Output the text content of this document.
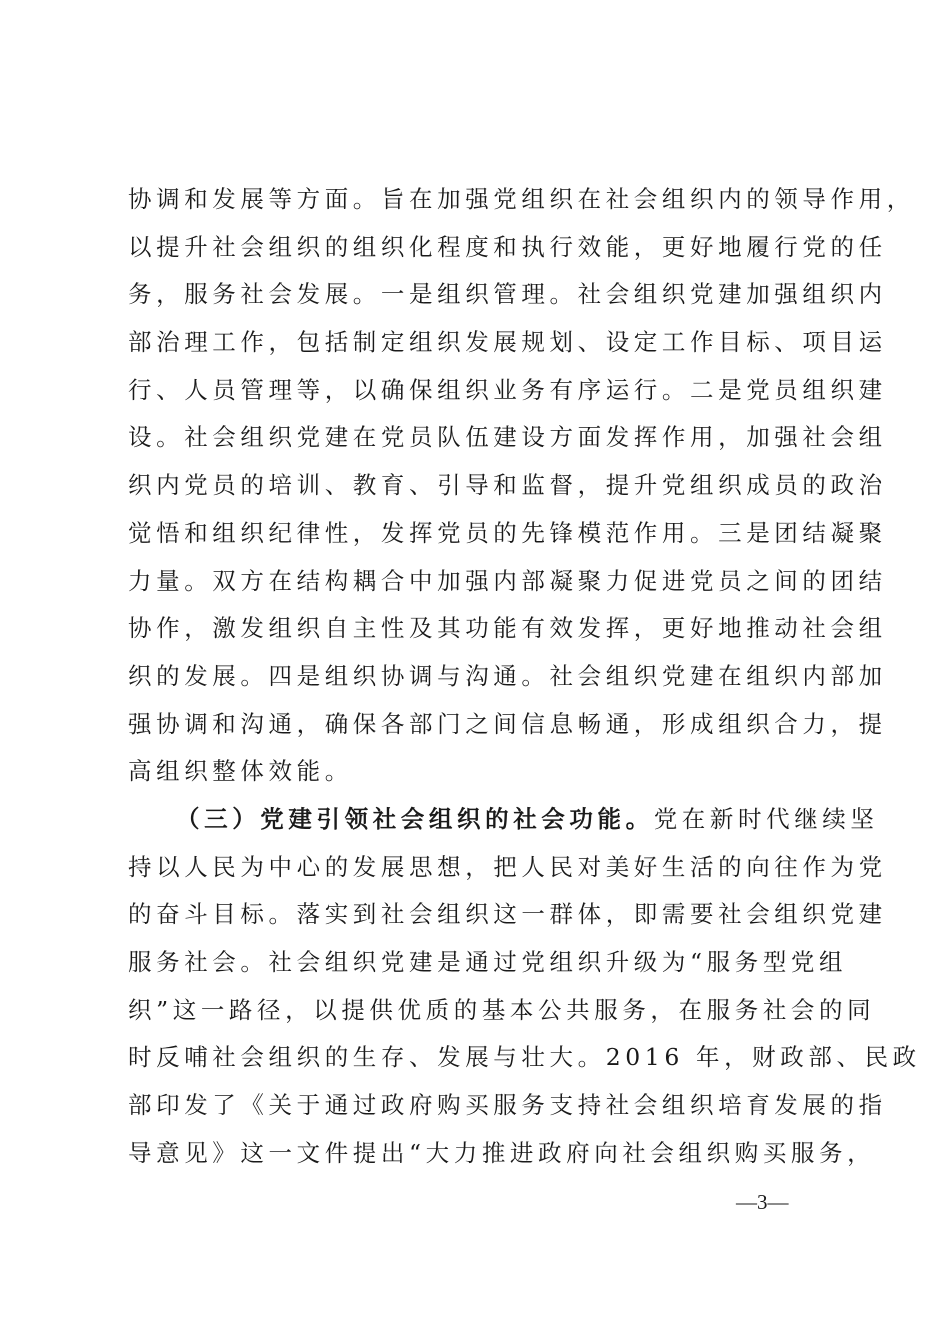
协调和发展等方面。旨在加强党组织在社会组织内的领导作用，
以提升社会组织的组织化程度和执行效能，更好地履行党的任
务，服务社会发展。一是组织管理。社会组织党建加强组织内
部治理工作，包括制定组织发展规划、设定工作目标、项目运
行、人员管理等，以确保组织业务有序运行。二是党员组织建
设。社会组织党建在党员队伍建设方面发挥作用，加强社会组
织内党员的培训、教育、引导和监督，提升党组织成员的政治
觉悟和组织纪律性，发挥党员的先锋模范作用。三是团结凝聚
力量。双方在结构耦合中加强内部凝聚力促进党员之间的团结
协作，激发组织自主性及其功能有效发挥，更好地推动社会组
织的发展。四是组织协调与沟通。社会组织党建在组织内部加
强协调和沟通，确保各部门之间信息畅通，形成组织合力，提
高组织整体效能。
（三）党建引领社会组织的社会功能。党在新时代继续坚
持以人民为中心的发展思想，把人民对美好生活的向往作为党
的奋斗目标。落实到社会组织这一群体，即需要社会组织党建
服务社会。社会组织党建是通过党组织升级为“服务型党组
织”这一路径，以提供优质的基本公共服务，在服务社会的同
时反哺社会组织的生存、发展与壮大。2016 年，财政部、民政
部印发了《关于通过政府购买服务支持社会组织培育发展的指
导意见》这一文件提出“大力推进政府向社会组织购买服务，
—3—
